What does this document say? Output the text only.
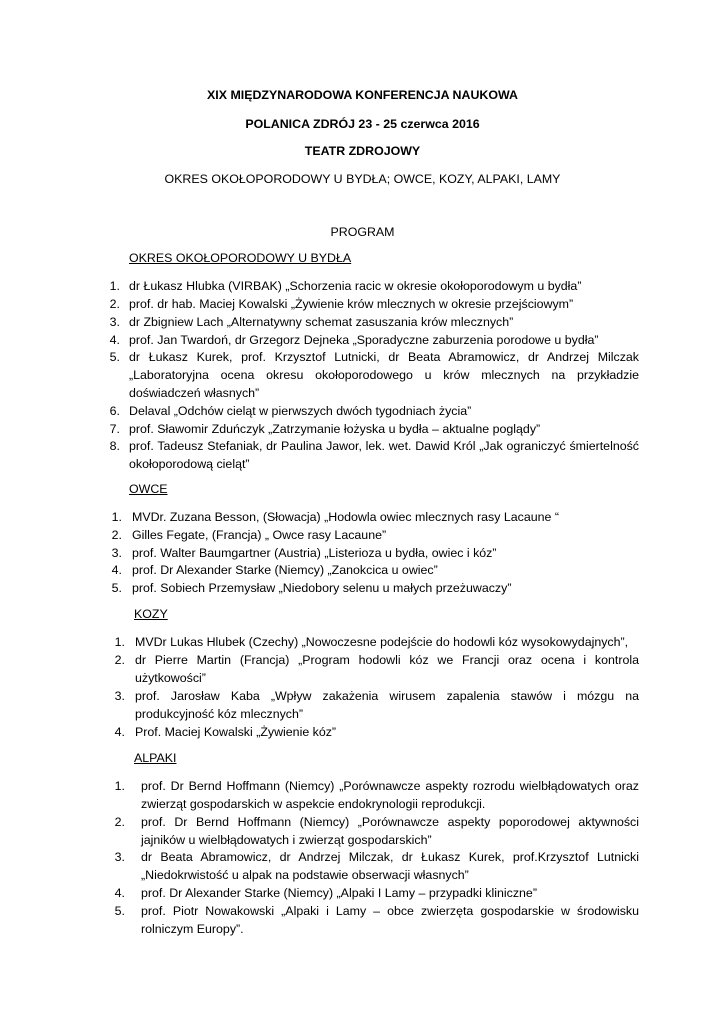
XIX MIĘDZYNARODOWA KONFERENCJA NAUKOWA
POLANICA ZDRÓJ 23 - 25 czerwca 2016
TEATR ZDROJOWY
OKRES OKOŁOPORODOWY U BYDŁA; OWCE, KOZY, ALPAKI, LAMY
PROGRAM
OKRES OKOŁOPORODOWY U BYDŁA
1. dr Łukasz Hlubka (VIRBAK) „Schorzenia racic w okresie okołoporodowym u bydła”
2. prof. dr hab. Maciej Kowalski „Żywienie krów mlecznych w okresie przejściowym”
3. dr Zbigniew Lach „Alternatywny schemat zasuszania krów mlecznych”
4. prof. Jan Twardoń, dr Grzegorz Dejneka „Sporadyczne zaburzenia porodowe u bydła”
5. dr Łukasz Kurek, prof. Krzysztof Lutnicki, dr Beata Abramowicz, dr Andrzej Milczak „Laboratoryjna ocena okresu okołoporodowego u krów mlecznych na przykładzie doświadczeń własnych”
6. Delaval „Odchów cieląt w pierwszych dwóch tygodniach życia”
7. prof. Sławomir Zduńczyk „Zatrzymanie łożyska u bydła – aktualne poglądy”
8. prof. Tadeusz Stefaniak, dr Paulina Jawor, lek. wet. Dawid Król „Jak ograniczyć śmiertelność okołoporodową cieląt”
OWCE
1. MVDr. Zuzana Besson, (Słowacja) „Hodowla owiec mlecznych rasy Lacaune “
2. Gilles Fegate, (Francja) „ Owce rasy Lacaune”
3. prof. Walter Baumgartner (Austria) „Listerioza u bydła, owiec i kóz”
4. prof. Dr Alexander Starke (Niemcy) „Zanokcica u owiec”
5. prof. Sobiech Przemysław „Niedobory selenu u małych przeżuwaczy”
KOZY
1. MVDr Lukas Hlubek (Czechy) „Nowoczesne podejście do hodowli kóz wysokowydajnych”,
2. dr Pierre Martin (Francja) „Program hodowli kóz we Francji oraz ocena i kontrola użytkowości”
3. prof. Jarosław Kaba „Wpływ zakażenia wirusem zapalenia stawów i mózgu na produkcyjność kóz mlecznych”
4. Prof. Maciej Kowalski „Żywienie kóz”
ALPAKI
1. prof. Dr Bernd Hoffmann (Niemcy) „Porównawcze aspekty rozrodu wielbłądowatych oraz zwierząt gospodarskich w aspekcie endokrynologii reprodukcji.
2. prof. Dr Bernd Hoffmann (Niemcy) „Porównawcze aspekty poporodowej aktywności jajników u wielbłądowatych i zwierząt gospodarskich”
3. dr Beata Abramowicz, dr Andrzej Milczak, dr Łukasz Kurek, prof.Krzysztof Lutnicki „Niedokrwistość u alpak na podstawie obserwacji własnych”
4. prof. Dr Alexander Starke (Niemcy) „Alpaki I Lamy – przypadki kliniczne”
5. prof. Piotr Nowakowski „Alpaki i Lamy – obce zwierzęta gospodarskie w środowisku rolniczym Europy”.
